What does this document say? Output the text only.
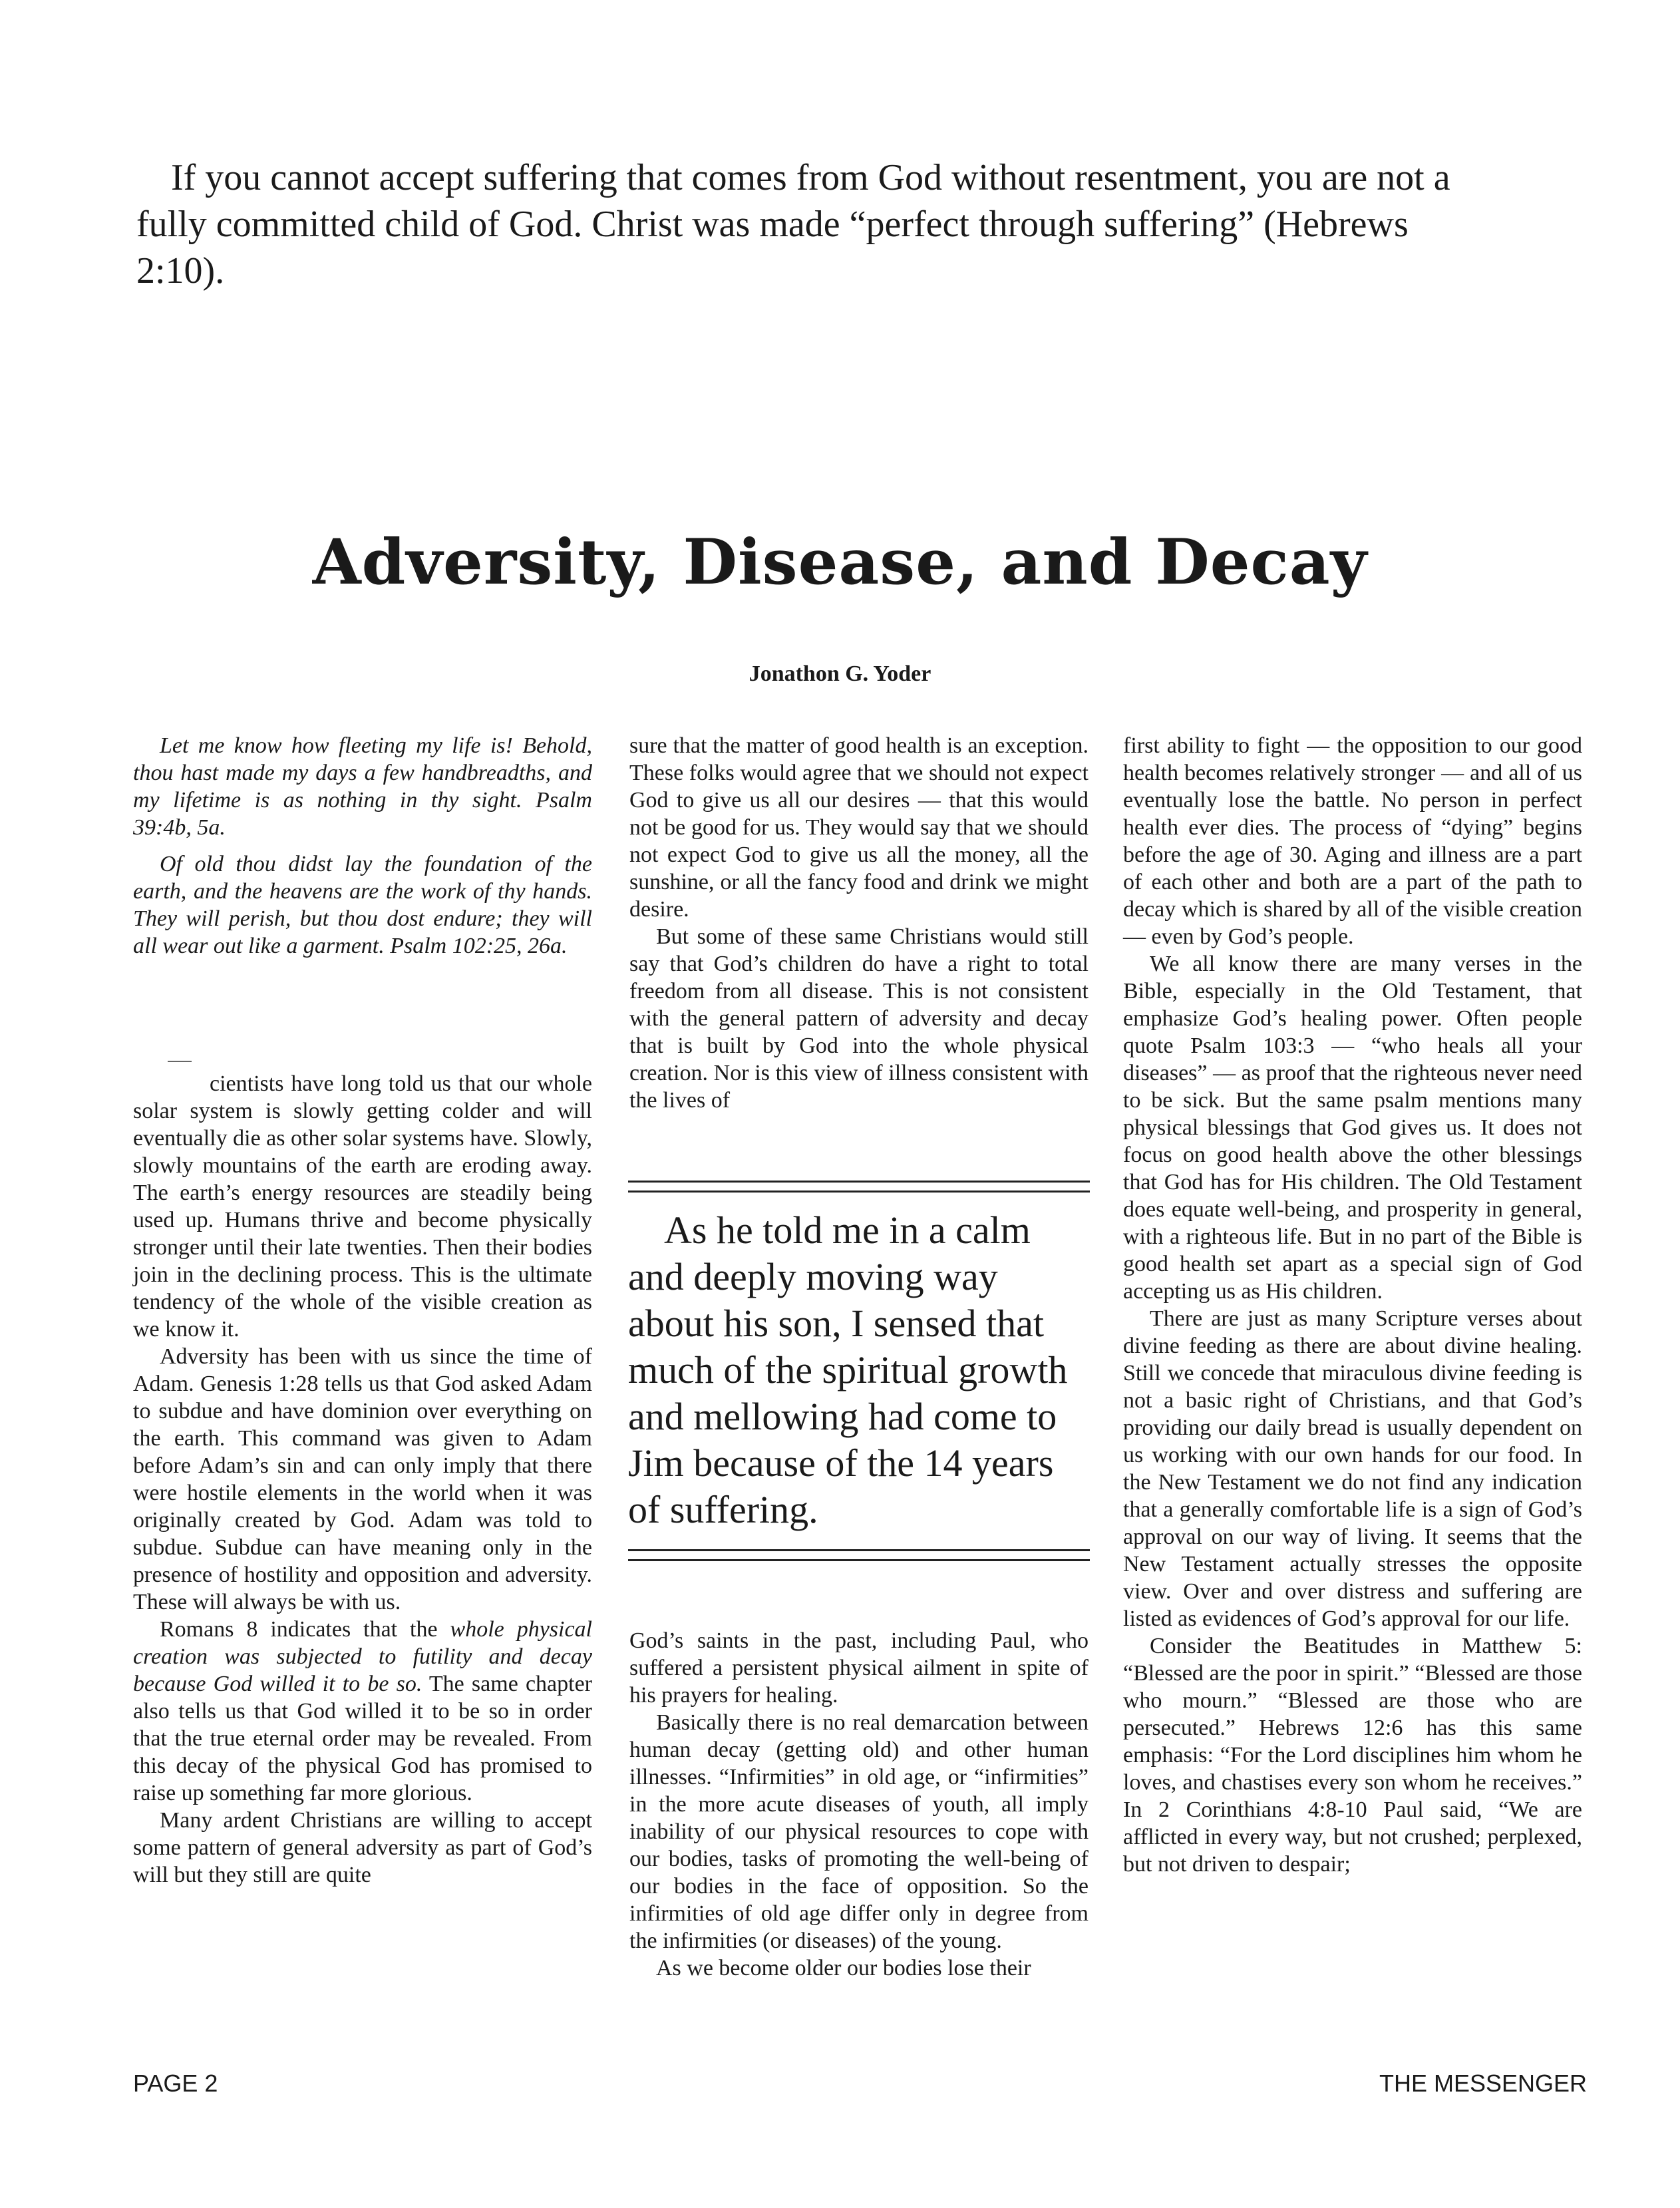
If you cannot accept suffering that comes from God without resentment, you are not a fully committed child of God. Christ was made “perfect through suffering” (Hebrews 2:10).

Adversity, Disease, and Decay
Jonathon G. Yoder

Let me know how fleeting my life is! Behold, thou hast made my days a few handbreadths, and my lifetime is as nothing in thy sight. Psalm 39:4b, 5a.

Of old thou didst lay the foundation of the earth, and the heavens are the work of thy hands. They will perish, but thou dost endure; they will all wear out like a garment. Psalm 102:25, 26a.

cientists have long told us that our whole solar system is slowly getting colder and will eventually die as other solar systems have. Slowly, slowly mountains of the earth are eroding away. The earth’s energy resources are steadily being used up. Humans thrive and become physically stronger until their late twenties. Then their bodies join in the declining process. This is the ultimate tendency of the whole of the visible creation as we know it.

Adversity has been with us since the time of Adam. Genesis 1:28 tells us that God asked Adam to subdue and have dominion over everything on the earth. This command was given to Adam before Adam’s sin and can only imply that there were hostile elements in the world when it was originally created by God. Adam was told to subdue. Subdue can have meaning only in the presence of hostility and opposition and adversity. These will always be with us.

Romans 8 indicates that the whole physical creation was subjected to futility and decay because God willed it to be so. The same chapter also tells us that God willed it to be so in order that the true eternal order may be revealed. From this decay of the physical God has promised to raise up something far more glorious.

Many ardent Christians are willing to accept some pattern of general adversity as part of God’s will but they still are quite

sure that the matter of good health is an exception. These folks would agree that we should not expect God to give us all our desires — that this would not be good for us. They would say that we should not expect God to give us all the money, all the sunshine, or all the fancy food and drink we might desire.

But some of these same Christians would still say that God’s children do have a right to total freedom from all disease. This is not consistent with the general pattern of adversity and decay that is built by God into the whole physical creation. Nor is this view of illness consistent with the lives of

As he told me in a calm and deeply moving way about his son, I sensed that much of the spiritual growth and mellowing had come to Jim because of the 14 years of suffering.

God’s saints in the past, including Paul, who suffered a persistent physical ailment in spite of his prayers for healing.

Basically there is no real demarcation between human decay (getting old) and other human illnesses. “Infirmities” in old age, or “infirmities” in the more acute diseases of youth, all imply inability of our physical resources to cope with our bodies, tasks of promoting the well-being of our bodies in the face of opposition. So the infirmities of old age differ only in degree from the infirmities (or diseases) of the young.

As we become older our bodies lose their

first ability to fight — the opposition to our good health becomes relatively stronger — and all of us eventually lose the battle. No person in perfect health ever dies. The process of “dying” begins before the age of 30. Aging and illness are a part of each other and both are a part of the path to decay which is shared by all of the visible creation — even by God’s people.

We all know there are many verses in the Bible, especially in the Old Testament, that emphasize God’s healing power. Often people quote Psalm 103:3 — “who heals all your diseases” — as proof that the righteous never need to be sick. But the same psalm mentions many physical blessings that God gives us. It does not focus on good health above the other blessings that God has for His children. The Old Testament does equate well-being, and prosperity in general, with a righteous life. But in no part of the Bible is good health set apart as a special sign of God accepting us as His children.

There are just as many Scripture verses about divine feeding as there are about divine healing. Still we concede that miraculous divine feeding is not a basic right of Christians, and that God’s providing our daily bread is usually dependent on us working with our own hands for our food. In the New Testament we do not find any indication that a generally comfortable life is a sign of God’s approval on our way of living. It seems that the New Testament actually stresses the opposite view. Over and over distress and suffering are listed as evidences of God’s approval for our life.

Consider the Beatitudes in Matthew 5: “Blessed are the poor in spirit.” “Blessed are those who mourn.” “Blessed are those who are persecuted.” Hebrews 12:6 has this same emphasis: “For the Lord disciplines him whom he loves, and chastises every son whom he receives.” In 2 Corinthians 4:8-10 Paul said, “We are afflicted in every way, but not crushed; perplexed, but not driven to despair;

PAGE 2	THE MESSENGER
